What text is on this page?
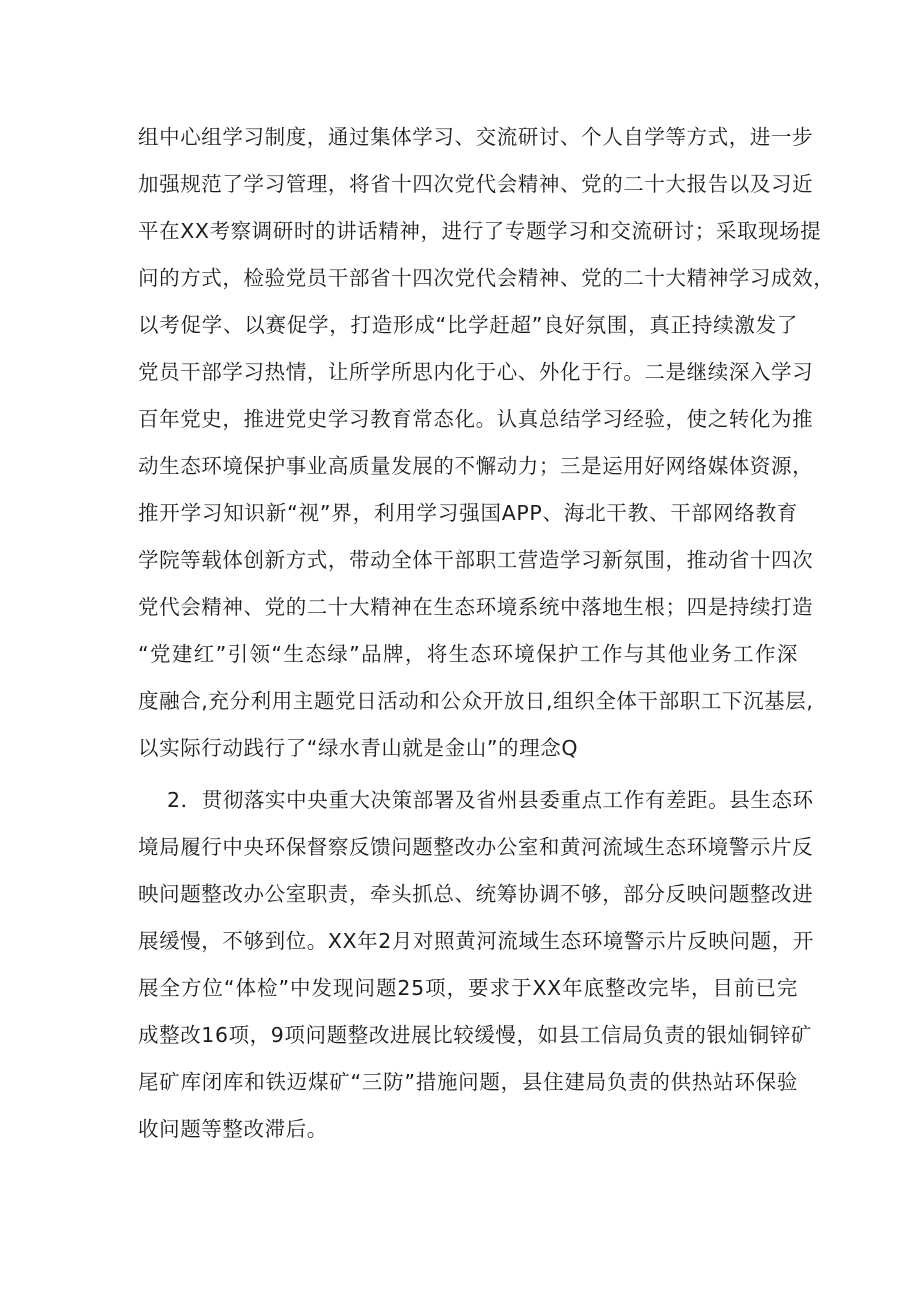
组中心组学习制度，通过集体学习、交流研讨、个人自学等方式，进一步
加强规范了学习管理，将省十四次党代会精神、党的二十大报告以及习近
平在XX考察调研时的讲话精神，进行了专题学习和交流研讨；采取现场提
问的方式，检验党员干部省十四次党代会精神、党的二十大精神学习成效，
以考促学、以赛促学，打造形成“比学赶超”良好氛围，真正持续激发了
党员干部学习热情，让所学所思内化于心、外化于行。二是继续深入学习
百年党史，推进党史学习教育常态化。认真总结学习经验，使之转化为推
动生态环境保护事业高质量发展的不懈动力；三是运用好网络媒体资源，
推开学习知识新“视”界，利用学习强国APP、海北干教、干部网络教育
学院等载体创新方式，带动全体干部职工营造学习新氛围，推动省十四次
党代会精神、党的二十大精神在生态环境系统中落地生根；四是持续打造
“党建红”引领“生态绿”品牌，将生态环境保护工作与其他业务工作深
度融合,充分利用主题党日活动和公众开放日,组织全体干部职工下沉基层,
以实际行动践行了“绿水青山就是金山”的理念Q
2．贯彻落实中央重大决策部署及省州县委重点工作有差距。县生态环
境局履行中央环保督察反馈问题整改办公室和黄河流域生态环境警示片反
映问题整改办公室职责，牵头抓总、统筹协调不够，部分反映问题整改进
展缓慢，不够到位。XX年2月对照黄河流域生态环境警示片反映问题，开
展全方位“体检”中发现问题25项，要求于XX年底整改完毕，目前已完
成整改16项，9项问题整改进展比较缓慢，如县工信局负责的银灿铜锌矿
尾矿库闭库和铁迈煤矿“三防”措施问题，县住建局负责的供热站环保验
收问题等整改滞后。
